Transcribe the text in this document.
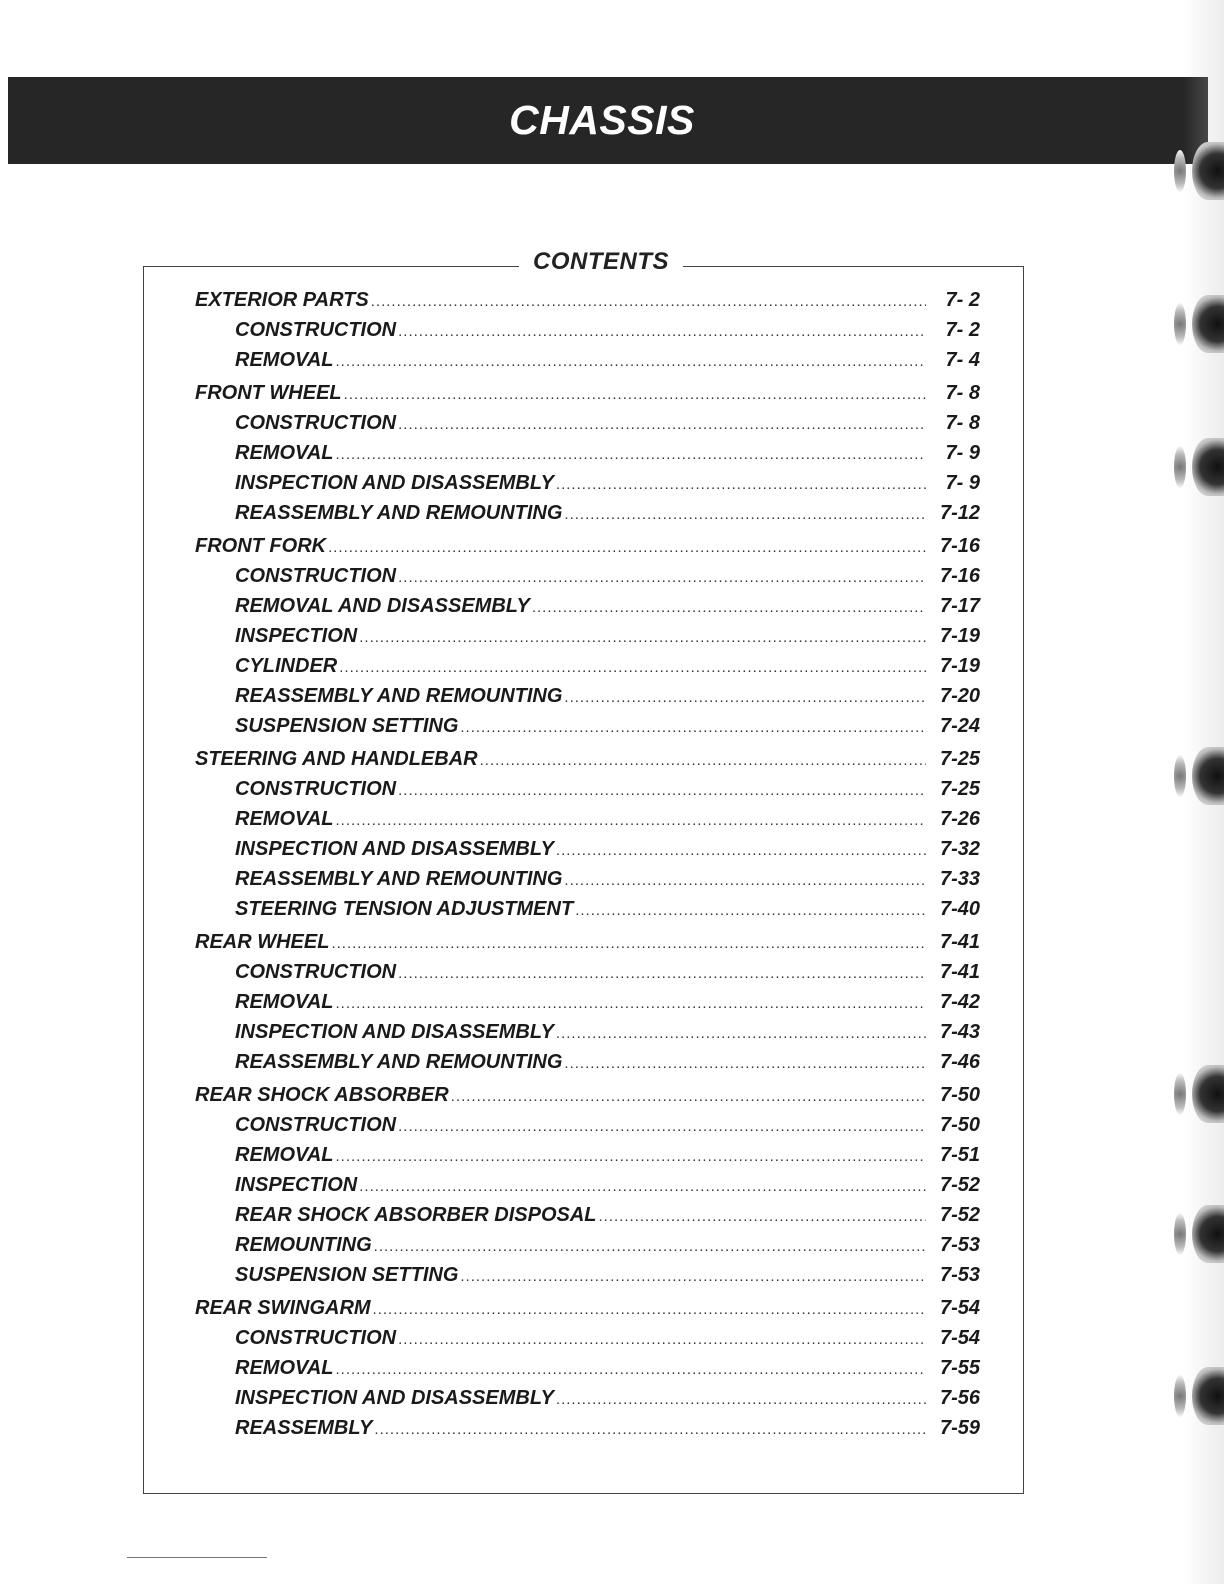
CHASSIS
CONTENTS
EXTERIOR PARTS .....	7- 2
CONSTRUCTION .....	7- 2
REMOVAL .....	7- 4
FRONT WHEEL .....	7- 8
CONSTRUCTION .....	7- 8
REMOVAL .....	7- 9
INSPECTION AND DISASSEMBLY .....	7- 9
REASSEMBLY AND REMOUNTING .....	7-12
FRONT FORK .....	7-16
CONSTRUCTION .....	7-16
REMOVAL AND DISASSEMBLY .....	7-17
INSPECTION .....	7-19
CYLINDER .....	7-19
REASSEMBLY AND REMOUNTING .....	7-20
SUSPENSION SETTING .....	7-24
STEERING AND HANDLEBAR .....	7-25
CONSTRUCTION .....	7-25
REMOVAL .....	7-26
INSPECTION AND DISASSEMBLY .....	7-32
REASSEMBLY AND REMOUNTING .....	7-33
STEERING TENSION ADJUSTMENT .....	7-40
REAR WHEEL .....	7-41
CONSTRUCTION .....	7-41
REMOVAL .....	7-42
INSPECTION AND DISASSEMBLY .....	7-43
REASSEMBLY AND REMOUNTING .....	7-46
REAR SHOCK ABSORBER .....	7-50
CONSTRUCTION .....	7-50
REMOVAL .....	7-51
INSPECTION .....	7-52
REAR SHOCK ABSORBER DISPOSAL .....	7-52
REMOUNTING .....	7-53
SUSPENSION SETTING .....	7-53
REAR SWINGARM .....	7-54
CONSTRUCTION .....	7-54
REMOVAL .....	7-55
INSPECTION AND DISASSEMBLY .....	7-56
REASSEMBLY .....	7-59
